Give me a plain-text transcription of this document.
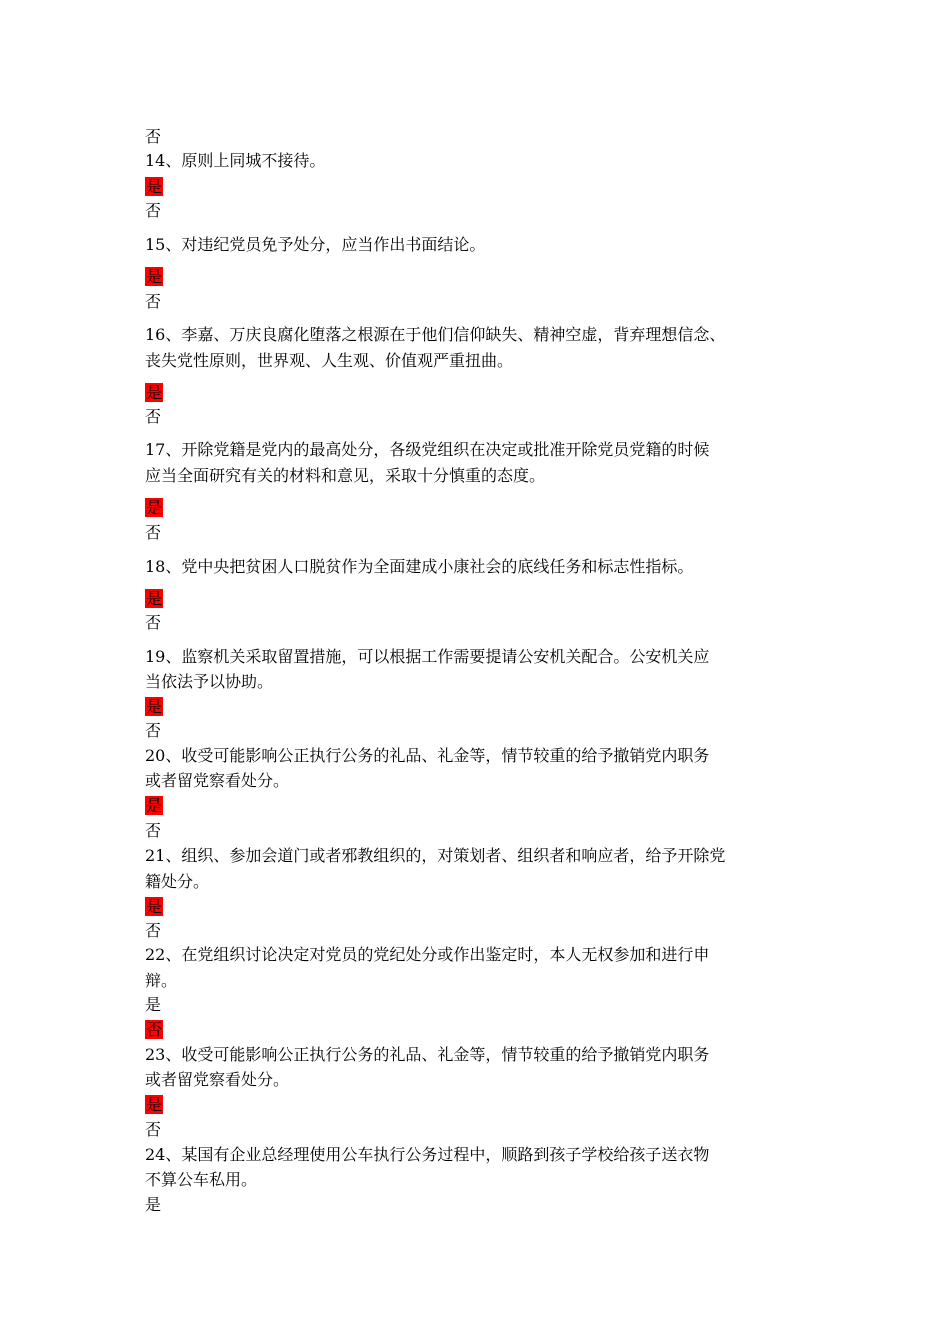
否
14、原则上同城不接待。
是
否
15、对违纪党员免予处分，应当作出书面结论。
是
否
16、李嘉、万庆良腐化堕落之根源在于他们信仰缺失、精神空虚，背弃理想信念、
丧失党性原则，世界观、人生观、价值观严重扭曲。
是
否
17、开除党籍是党内的最高处分，各级党组织在决定或批准开除党员党籍的时候
应当全面研究有关的材料和意见，采取十分慎重的态度。
是
否
18、党中央把贫困人口脱贫作为全面建成小康社会的底线任务和标志性指标。
是
否
19、监察机关采取留置措施，可以根据工作需要提请公安机关配合。公安机关应
当依法予以协助。
是
否
20、收受可能影响公正执行公务的礼品、礼金等，情节较重的给予撤销党内职务
或者留党察看处分。
是
否
21、组织、参加会道门或者邪教组织的，对策划者、组织者和响应者，给予开除党
籍处分。
是
否
22、在党组织讨论决定对党员的党纪处分或作出鉴定时，本人无权参加和进行申
辩。
是
否
23、收受可能影响公正执行公务的礼品、礼金等，情节较重的给予撤销党内职务
或者留党察看处分。
是
否
24、某国有企业总经理使用公车执行公务过程中，顺路到孩子学校给孩子送衣物
不算公车私用。
是
